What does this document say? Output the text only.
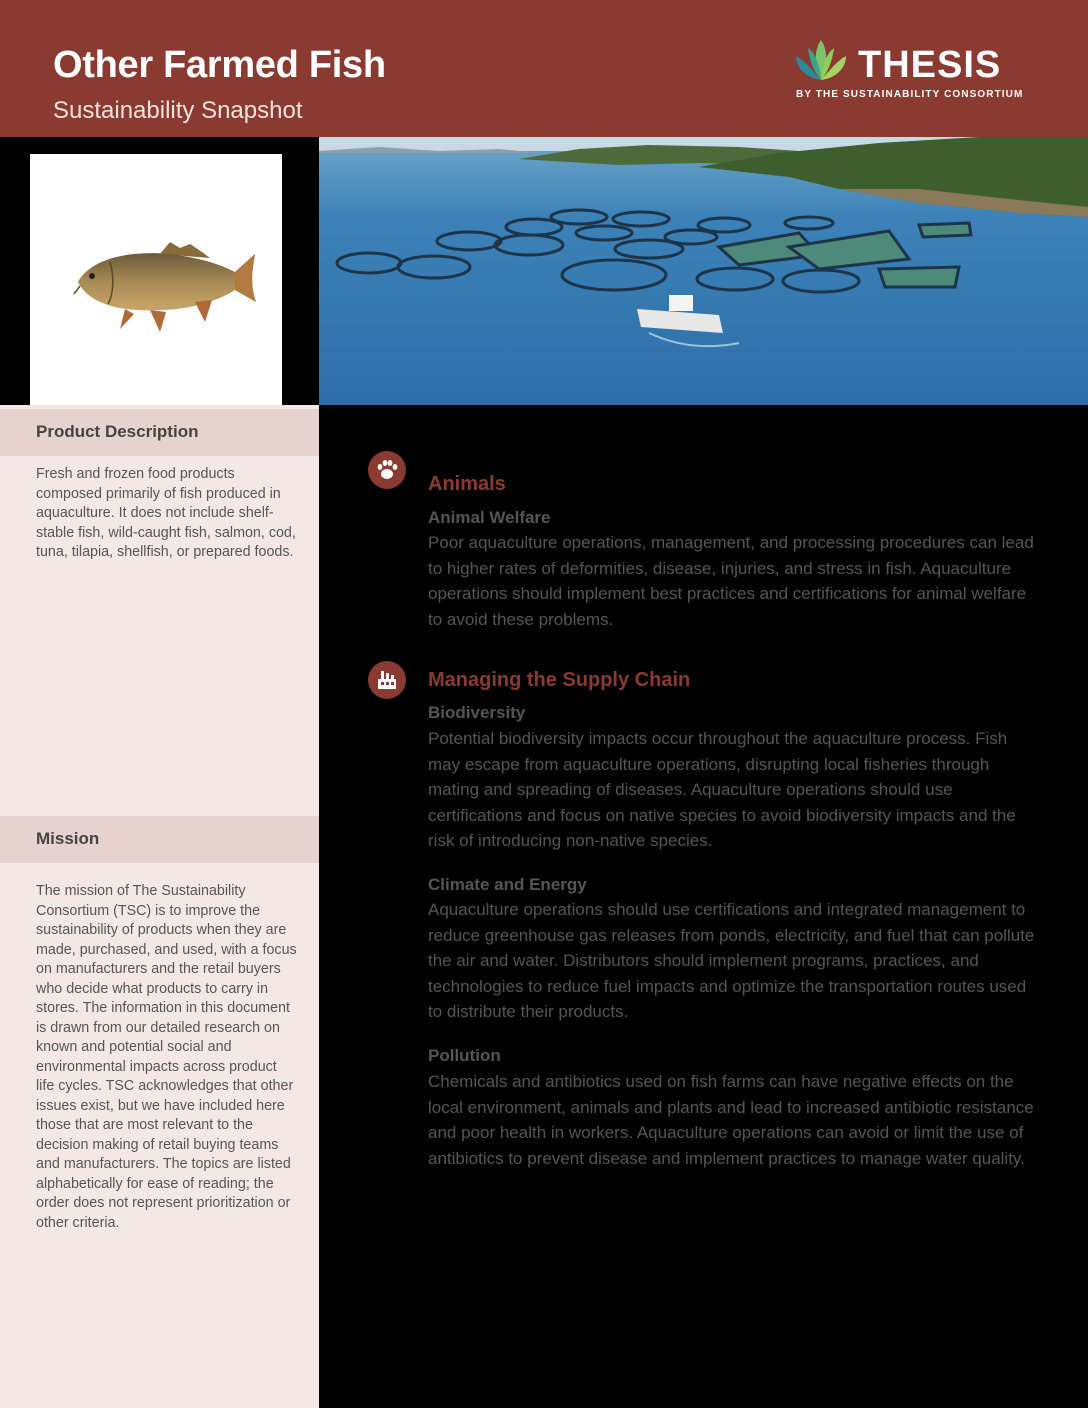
Other Farmed Fish
Sustainability Snapshot
THESIS
BY THE SUSTAINABILITY CONSORTIUM
Product Description
Fresh and frozen food products composed primarily of fish produced in aquaculture. It does not include shelf-stable fish, wild-caught fish, salmon, cod, tuna, tilapia, shellfish, or prepared foods.
Mission
The mission of The Sustainability Consortium (TSC) is to improve the sustainability of products when they are made, purchased, and used, with a focus on manufacturers and the retail buyers who decide what products to carry in stores. The information in this document is drawn from our detailed research on known and potential social and environmental impacts across product life cycles. TSC acknowledges that other issues exist, but we have included here those that are most relevant to the decision making of retail buying teams and manufacturers. The topics are listed alphabetically for ease of reading; the order does not represent prioritization or other criteria.
Animals
Animal Welfare
Poor aquaculture operations, management, and processing procedures can lead to higher rates of deformities, disease, injuries, and stress in fish. Aquaculture operations should implement best practices and certifications for animal welfare to avoid these problems.
Managing the Supply Chain
Biodiversity
Potential biodiversity impacts occur throughout the aquaculture process. Fish may escape from aquaculture operations, disrupting local fisheries through mating and spreading of diseases. Aquaculture operations should use certifications and focus on native species to avoid biodiversity impacts and the risk of introducing non-native species.
Climate and Energy
Aquaculture operations should use certifications and integrated management to reduce greenhouse gas releases from ponds, electricity, and fuel that can pollute the air and water. Distributors should implement programs, practices, and technologies to reduce fuel impacts and optimize the transportation routes used to distribute their products.
Pollution
Chemicals and antibiotics used on fish farms can have negative effects on the local environment, animals and plants and lead to increased antibiotic resistance and poor health in workers. Aquaculture operations can avoid or limit the use of antibiotics to prevent disease and implement practices to manage water quality.
